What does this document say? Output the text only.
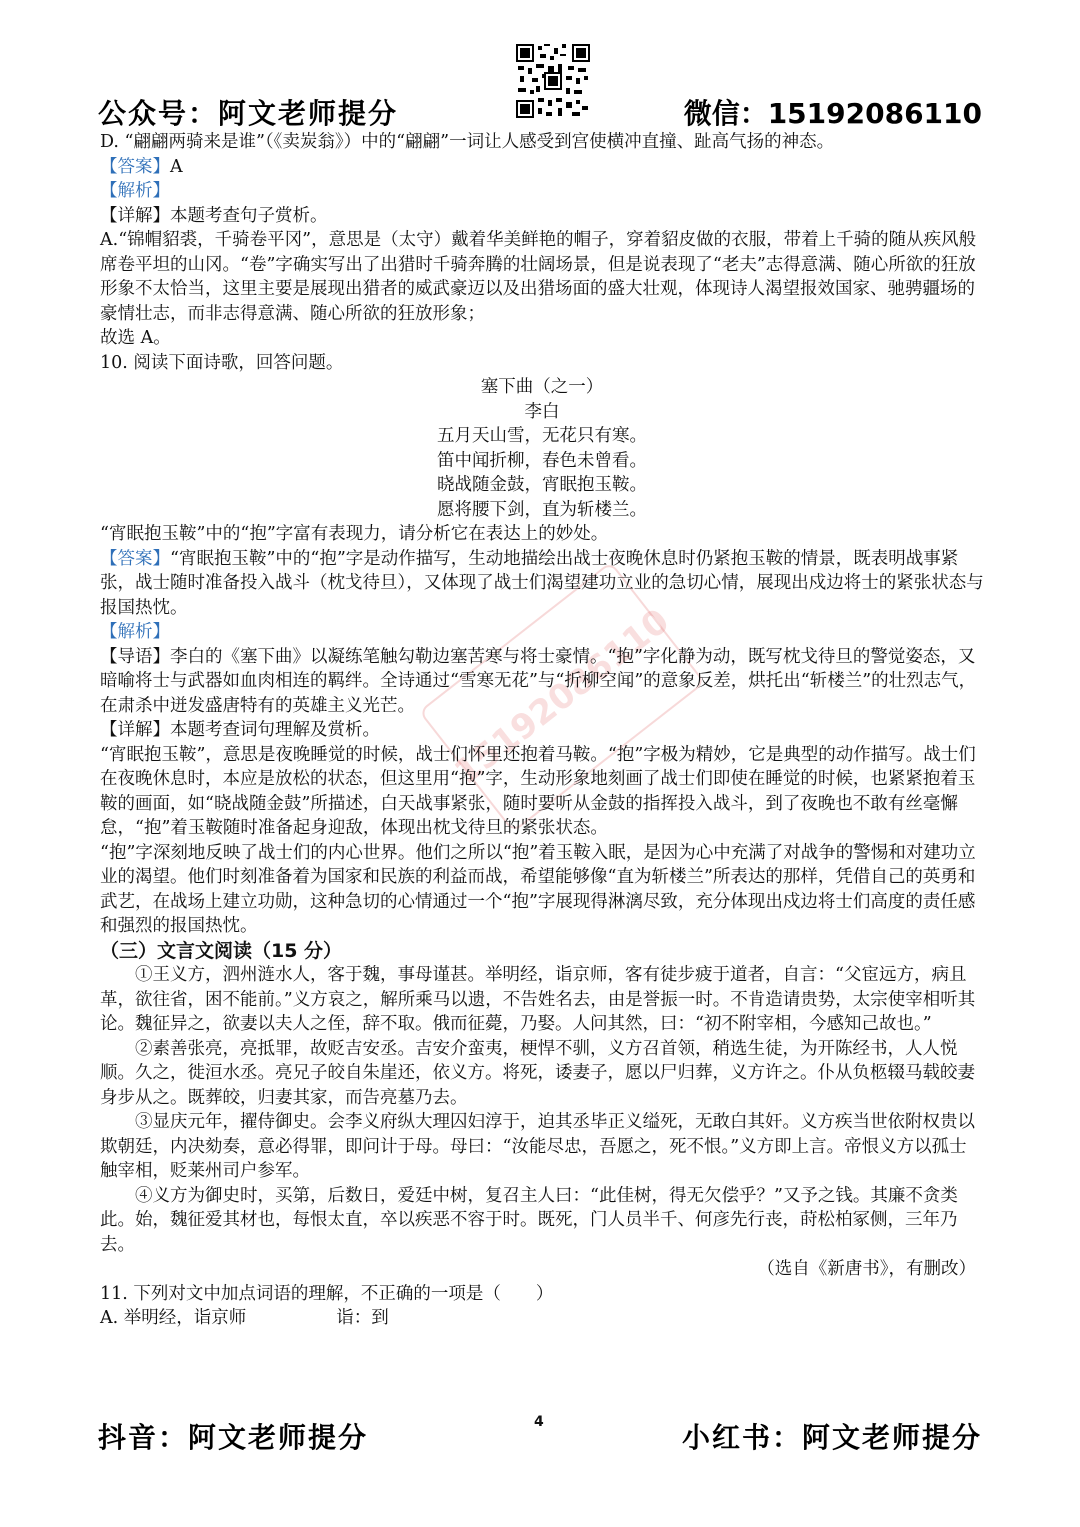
公众号：阿文老师提分	微信：15192086110
15192086110

D. “翩翩两骑来是谁”（《卖炭翁》）中的“翩翩”一词让人感受到宫使横冲直撞、趾高气扬的神态。

【答案】A

【解析】

【详解】本题考查句子赏析。

A.“锦帽貂裘，千骑卷平冈”，意思是（太守）戴着华美鲜艳的帽子，穿着貂皮做的衣服，带着上千骑的随从疾风般席卷平坦的山冈。“卷”字确实写出了出猎时千骑奔腾的壮阔场景，但是说表现了“老夫”志得意满、随心所欲的狂放形象不太恰当，这里主要是展现出猎者的威武豪迈以及出猎场面的盛大壮观，体现诗人渴望报效国家、驰骋疆场的豪情壮志，而非志得意满、随心所欲的狂放形象；

故选 A。

10. 阅读下面诗歌，回答问题。

塞下曲（之一）

李白

五月天山雪，无花只有寒。

笛中闻折柳，春色未曾看。

晓战随金鼓，宵眠抱玉鞍。

愿将腰下剑，直为斩楼兰。

“宵眠抱玉鞍”中的“抱”字富有表现力，请分析它在表达上的妙处。

【答案】“宵眠抱玉鞍”中的“抱”字是动作描写，生动地描绘出战士夜晚休息时仍紧抱玉鞍的情景，既表明战事紧张，战士随时准备投入战斗（枕戈待旦），又体现了战士们渴望建功立业的急切心情，展现出戍边将士的紧张状态与报国热忱。

【解析】

【导语】李白的《塞下曲》以凝练笔触勾勒边塞苦寒与将士豪情。“抱”字化静为动，既写枕戈待旦的警觉姿态，又暗喻将士与武器如血肉相连的羁绊。全诗通过“雪寒无花”与“折柳空闻”的意象反差，烘托出“斩楼兰”的壮烈志气，在肃杀中迸发盛唐特有的英雄主义光芒。

【详解】本题考查词句理解及赏析。

“宵眠抱玉鞍”，意思是夜晚睡觉的时候，战士们怀里还抱着马鞍。“抱”字极为精妙，它是典型的动作描写。战士们在夜晚休息时，本应是放松的状态，但这里用“抱”字，生动形象地刻画了战士们即使在睡觉的时候，也紧紧抱着玉鞍的画面，如“晓战随金鼓”所描述，白天战事紧张，随时要听从金鼓的指挥投入战斗，到了夜晚也不敢有丝毫懈怠，“抱”着玉鞍随时准备起身迎敌，体现出枕戈待旦的紧张状态。

“抱”字深刻地反映了战士们的内心世界。他们之所以“抱”着玉鞍入眠，是因为心中充满了对战争的警惕和对建功立业的渴望。他们时刻准备着为国家和民族的利益而战，希望能够像“直为斩楼兰”所表达的那样，凭借自己的英勇和武艺，在战场上建立功勋，这种急切的心情通过一个“抱”字展现得淋漓尽致，充分体现出戍边将士们高度的责任感和强烈的报国热忱。

（三）文言文阅读（15 分）

①王义方，泗州涟水人，客于魏，事母谨甚。举明经，诣京师，客有徒步疲于道者，自言：“父宦远方，病且革，欲往省，困不能前。”义方哀之，解所乘马以遗，不告姓名去，由是誉振一时。不肯造请贵势，太宗使宰相听其论。魏征异之，欲妻以夫人之侄，辞不取。俄而征薨，乃娶。人问其然，曰：“初不附宰相，今感知己故也。”

②素善张亮，亮抵罪，故贬吉安丞。吉安介蛮夷，梗悍不驯，义方召首领，稍选生徒，为开陈经书，人人悦顺。久之，徙洹水丞。亮兄子皎自朱崖还，依义方。将死，诿妻子，愿以尸归葬，义方许之。仆从负柩辍马载皎妻身步从之。既葬皎，归妻其家，而告亮墓乃去。

③显庆元年，擢侍御史。会李义府纵大理囚妇淳于，迫其丞毕正义缢死，无敢白其奸。义方疾当世依附权贵以欺朝廷，内决劾奏，意必得罪，即问计于母。母曰：“汝能尽忠，吾愿之，死不恨。”义方即上言。帝恨义方以孤士触宰相，贬莱州司户参军。

④义方为御史时，买第，后数日，爱廷中树，复召主人曰：“此佳树，得无欠偿乎？”又予之钱。其廉不贪类此。始，魏征爱其材也，每恨太直，卒以疾恶不容于时。既死，门人员半千、何彦先行丧，莳松柏冢侧，三年乃去。

（选自《新唐书》，有删改）

11. 下列对文中加点词语的理解，不正确的一项是（　　）

A. 举明经，诣京师	诣：到

抖音：阿文老师提分	4	小红书：阿文老师提分
